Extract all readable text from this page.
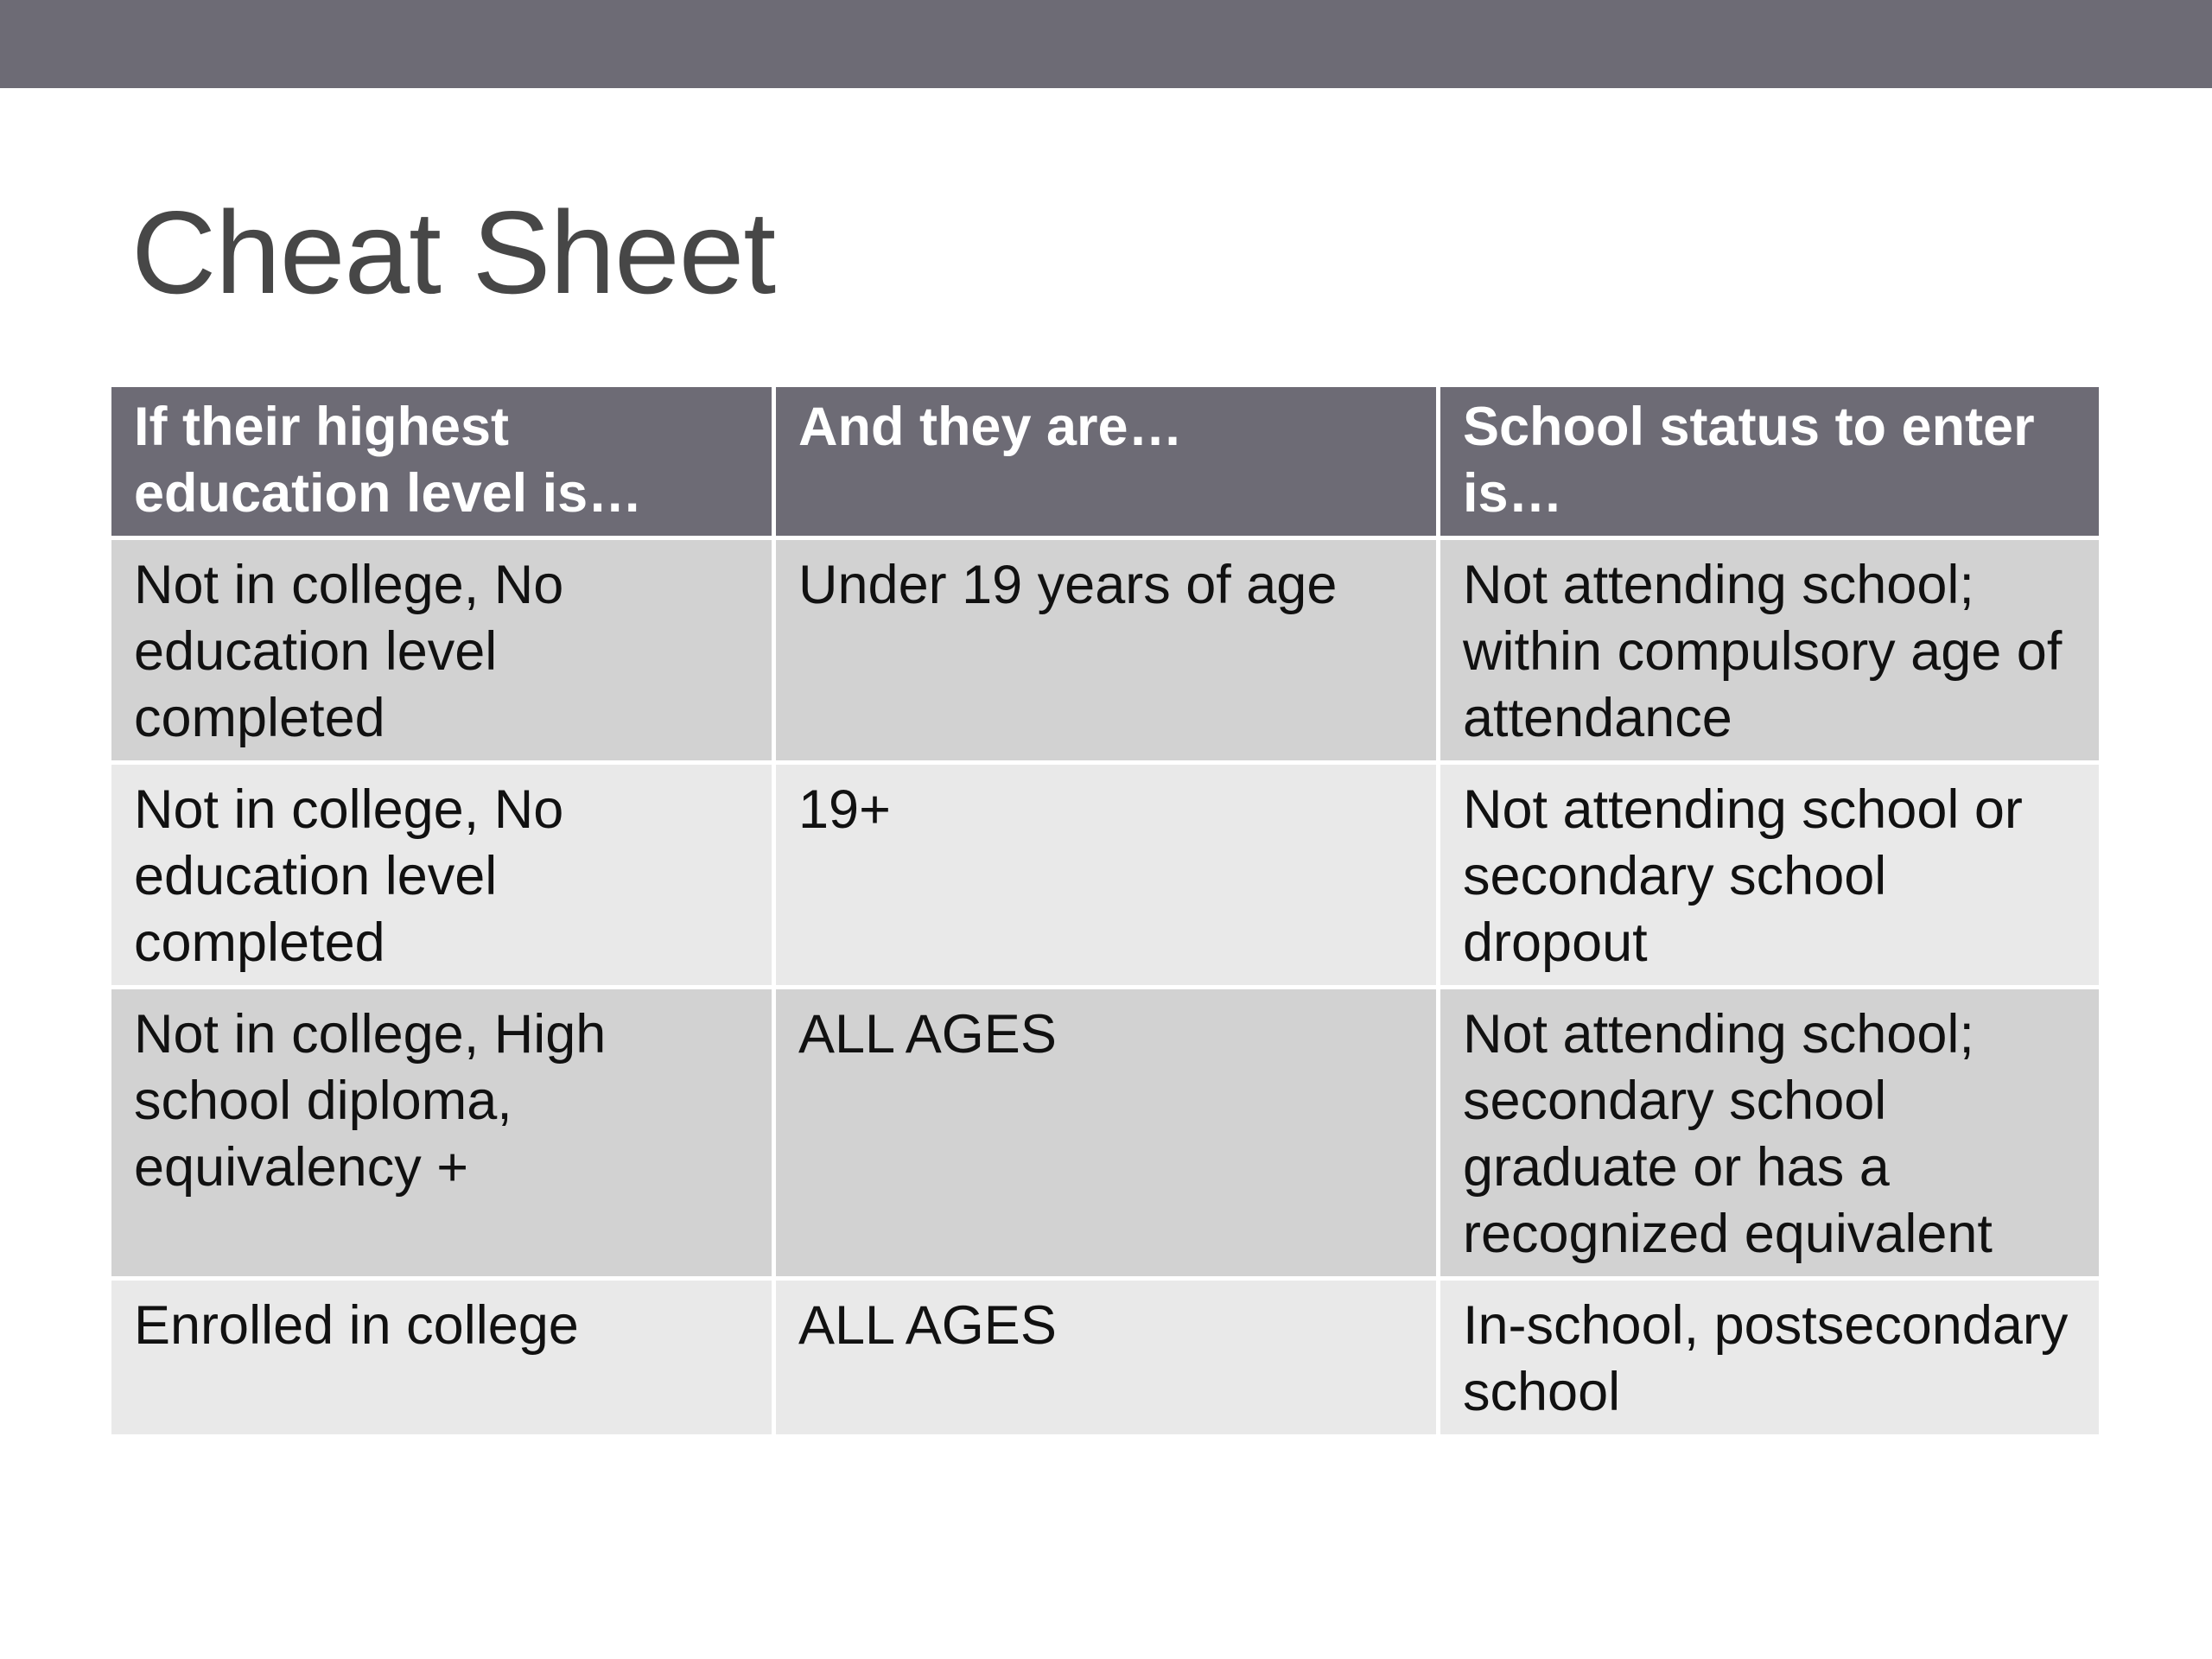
Cheat Sheet
If their highest education level is…	And they are…	School status to enter is…
Not in college, No education level completed	Under 19 years of age	Not attending school; within compulsory age of attendance
Not in college, No education level completed	19+	Not attending school or secondary school dropout
Not in college, High school diploma, equivalency +	ALL AGES	Not attending school; secondary school graduate or has a recognized equivalent
Enrolled in college	ALL AGES	In-school, postsecondary school
